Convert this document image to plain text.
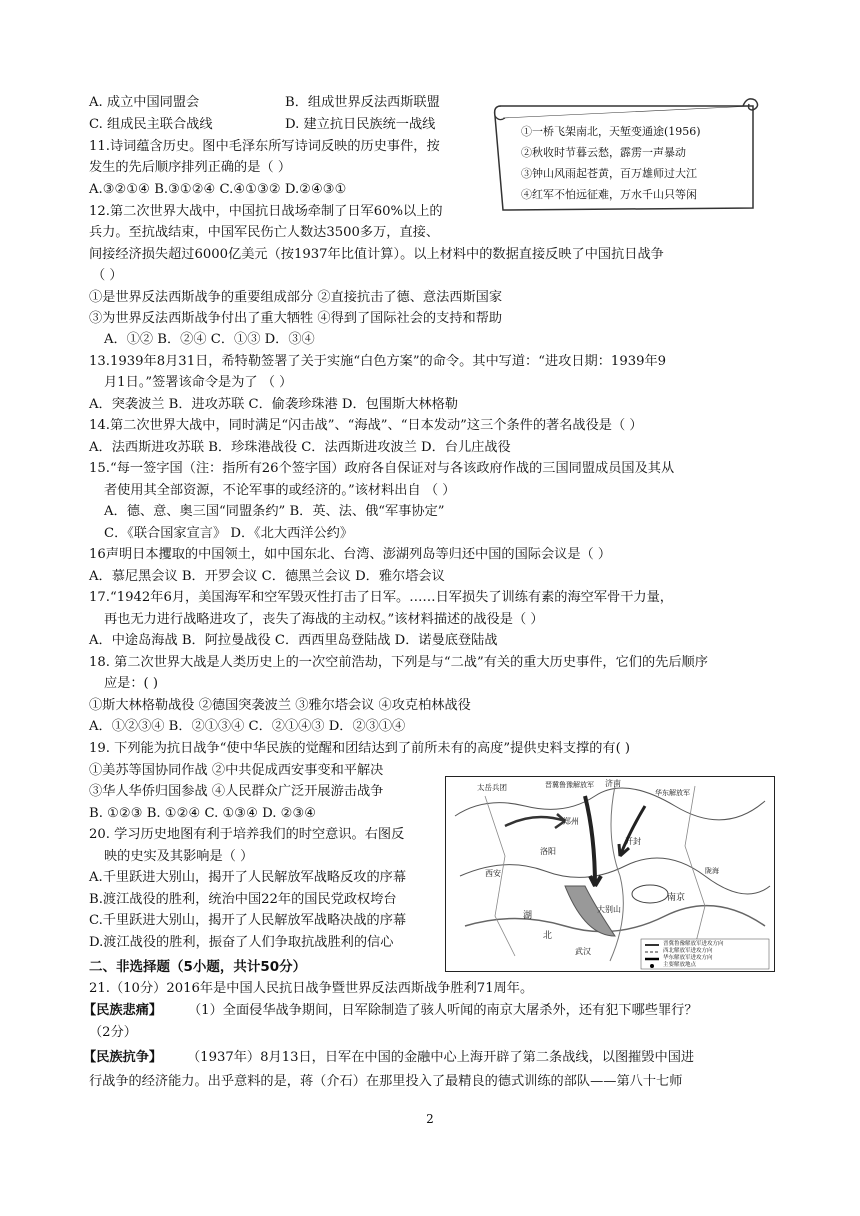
A. 成立中国同盟会	B．组成世界反法西斯联盟
C. 组成民主联合战线	D. 建立抗日民族统一战线
11.诗词蕴含历史。图中毛泽东所写诗词反映的历史事件，按
发生的先后顺序排列正确的是（ ）
A.③②①④ B.③①②④ C.④①③② D.②④③①
12.第二次世界大战中，中国抗日战场牵制了日军60%以上的
兵力。至抗战结束，中国军民伤亡人数达3500多万，直接、
间接经济损失超过6000亿美元（按1937年比值计算）。以上材料中的数据直接反映了中国抗日战争
（ ）
①是世界反法西斯战争的重要组成部分 ②直接抗击了德、意法西斯国家
③为世界反法西斯战争付出了重大牺牲 ④得到了国际社会的支持和帮助
A．①② B．②④ C．①③ D．③④
13.1939年8月31日，希特勒签署了关于实施“白色方案”的命令。其中写道：“进攻日期：1939年9
月1日。”签署该命令是为了 （ ）
A．突袭波兰 B．进攻苏联 C．偷袭珍珠港 D．包围斯大林格勒
14.第二次世界大战中，同时满足“闪击战”、“海战”、“日本发动”这三个条件的著名战役是（ ）
A．法西斯进攻苏联 B．珍珠港战役 C．法西斯进攻波兰 D．台儿庄战役
15.“每一签字国（注：指所有26个签字国）政府各自保证对与各该政府作战的三国同盟成员国及其从
者使用其全部资源，不论军事的或经济的。”该材料出自 （ ）
A．德、意、奥三国“同盟条约” B．英、法、俄“军事协定”
C．《联合国家宣言》 D．《北大西洋公约》
16声明日本攫取的中国领土，如中国东北、台湾、澎湖列岛等归还中国的国际会议是（ ）
A．慕尼黑会议 B．开罗会议 C．德黑兰会议 D．雅尔塔会议
17.“1942年6月，美国海军和空军毁灭性打击了日军。……日军损失了训练有素的海空军骨干力量，
再也无力进行战略进攻了，丧失了海战的主动权。”该材料描述的战役是（ ）
A．中途岛海战 B．阿拉曼战役 C．西西里岛登陆战 D．诺曼底登陆战
18. 第二次世界大战是人类历史上的一次空前浩劫，下列是与“二战”有关的重大历史事件，它们的先后顺序
应是：( )
①斯大林格勒战役 ②德国突袭波兰 ③雅尔塔会议 ④攻克柏林战役
A．①②③④ B．②①③④ C．②①④③ D．②③①④
19. 下列能为抗日战争“使中华民族的觉醒和团结达到了前所未有的高度”提供史料支撑的有( )
①美苏等国协同作战 ②中共促成西安事变和平解决
③华人华侨归国参战 ④人民群众广泛开展游击战争
B. ①②③ B. ①②④ C. ①③④ D. ②③④
20. 学习历史地图有利于培养我们的时空意识。右图反
映的史实及其影响是（ ）
A.千里跃进大别山，揭开了人民解放军战略反攻的序幕
B.渡江战役的胜利，统治中国22年的国民党政权垮台
C.千里跃进大别山，揭开了人民解放军战略决战的序幕
D.渡江战役的胜利，振奋了人们争取抗战胜利的信心
21.（10分）2016年是中国人民抗日战争暨世界反法西斯战争胜利71周年。
（1）全面侵华战争期间，日军除制造了骇人听闻的南京大屠杀外，还有犯下哪些罪行？
（2分）
（1937年）8月13日，日军在中国的金融中心上海开辟了第二条战线，以图摧毁中国进
行战争的经济能力。出乎意料的是，蒋（介石）在那里投入了最精良的德式训练的部队——第八十七师
【民族悲痛】
【民族抗争】
二、非选择题（5小题，共计50分）
①一桥飞架南北，天堑变通途(1956)
②秋收时节暮云愁，霹雳一声暴动
③钟山风雨起苍黄，百万雄师过大江
④红军不怕远征难，万水千山只等闲
太岳兵团	晋冀鲁豫解放军
华东解放军
济南
开封
郑州
洛阳
西安
南京
湖
北
大别山
武汉
陇海
晋冀鲁豫解放军进攻方向
西北解放军进攻方向
华东解放军进攻方向
主要解放地点
2
